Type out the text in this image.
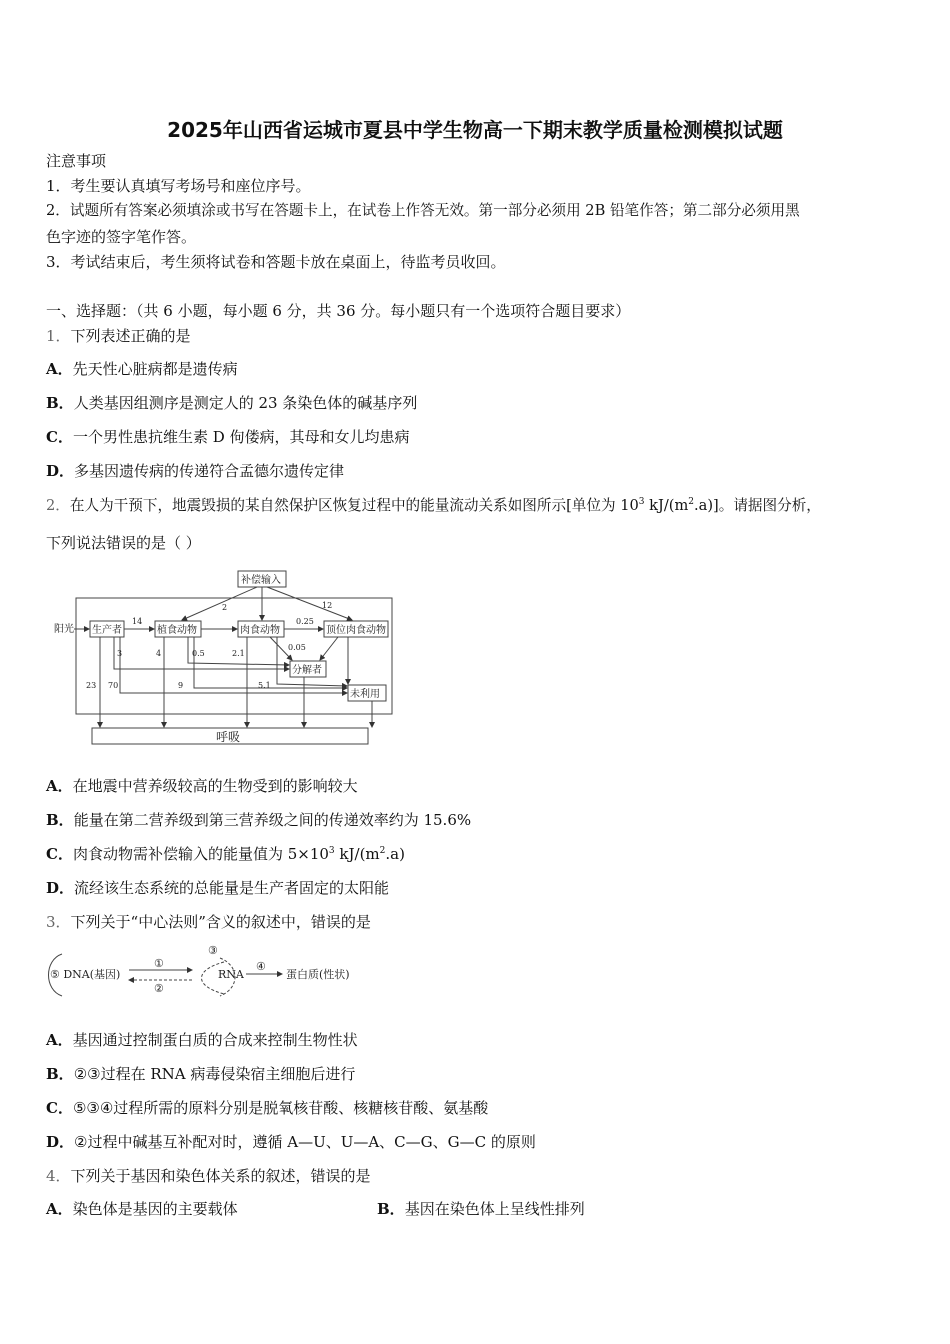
2025年山西省运城市夏县中学生物高一下期末教学质量检测模拟试题
注意事项
1．考生要认真填写考场号和座位序号。
2．试题所有答案必须填涂或书写在答题卡上，在试卷上作答无效。第一部分必须用 2B 铅笔作答；第二部分必须用黑
色字迹的签字笔作答。
3．考试结束后，考生须将试卷和答题卡放在桌面上，待监考员收回。
一、选择题：（共 6 小题，每小题 6 分，共 36 分。每小题只有一个选项符合题目要求）
1．下列表述正确的是
A．先天性心脏病都是遗传病
B．人类基因组测序是测定人的 23 条染色体的碱基序列
C．一个男性患抗维生素 D 佝偻病，其母和女儿均患病
D．多基因遗传病的传递符合孟德尔遗传定律
2．在人为干预下，地震毁损的某自然保护区恢复过程中的能量流动关系如图所示[单位为 $10^3$ $kJ/(m^2.a)$]。请据图分析，
下列说法错误的是（ ）
补偿输入
阳光 生产者	植食动物	肉食动物	顶位肉食动物
分解者
未利用
呼吸
2	12
14	0.25
3	4	0.5	2.1
0.05
23 70	9	5.1
A．在地震中营养级较高的生物受到的影响较大
B．能量在第二营养级到第三营养级之间的传递效率约为 15.6%
C．肉食动物需补偿输入的能量值为 $5\times 10^3$ $kJ/(m^2.a)$
D．流经该生态系统的总能量是生产者固定的太阳能
3．下列关于“中心法则”含义的叙述中，错误的是
⑤ DNA(基因)	RNA	蛋白质(性状)
①
②
③
④
A．基因通过控制蛋白质的合成来控制生物性状
B．②③过程在 RNA 病毒侵染宿主细胞后进行
C．⑤③④过程所需的原料分别是脱氧核苷酸、核糖核苷酸、氨基酸
D．②过程中碱基互补配对时，遵循 A—U、U—A、C—G、G—C 的原则
4．下列关于基因和染色体关系的叙述，错误的是
A．染色体是基因的主要载体	B．基因在染色体上呈线性排列
